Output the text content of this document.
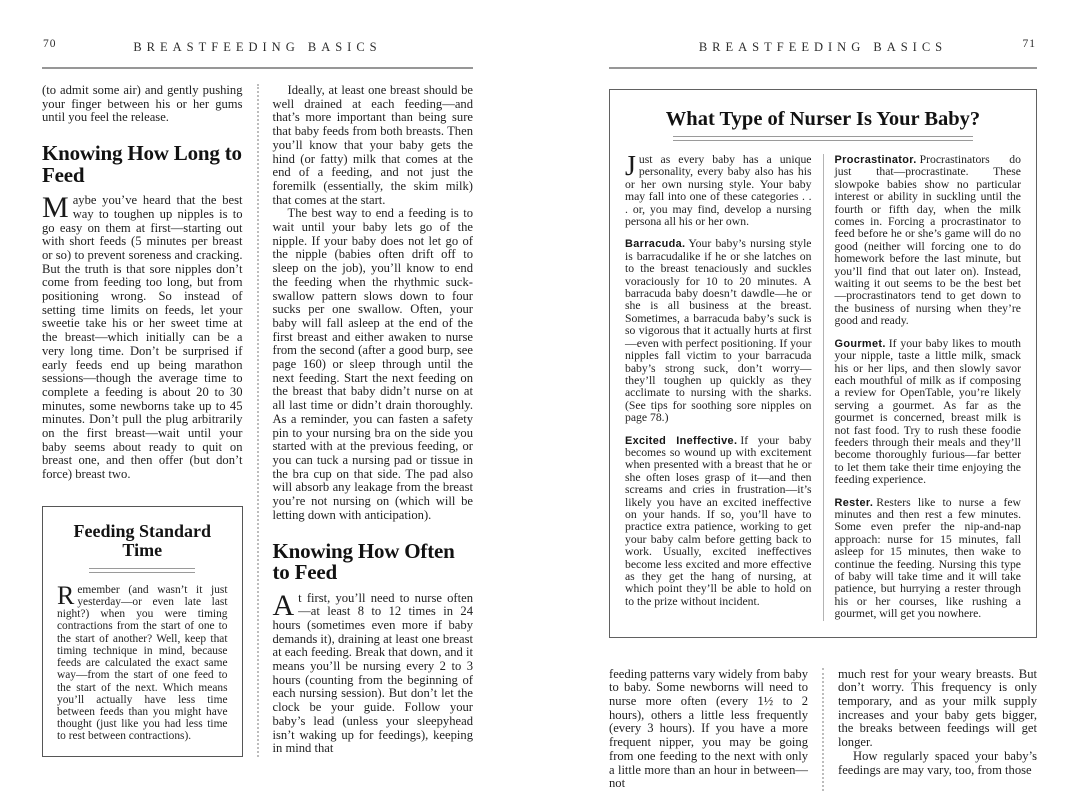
70	BREASTFEEDING BASICS

(to admit some air) and gently pushing your finger between his or her gums until you feel the release.

Knowing How Long to Feed

Maybe you’ve heard that the best way to toughen up nipples is to go easy on them at first—starting out with short feeds (5 minutes per breast or so) to prevent soreness and cracking. But the truth is that sore nipples don’t come from feeding too long, but from positioning wrong. So instead of setting time limits on feeds, let your sweetie take his or her sweet time at the breast—which initially can be a very long time. Don’t be surprised if early feeds end up being marathon sessions—though the average time to complete a feeding is about 20 to 30 minutes, some newborns take up to 45 minutes. Don’t pull the plug arbitrarily on the first breast—wait until your baby seems about ready to quit on breast one, and then offer (but don’t force) breast two.

Feeding Standard Time

Remember (and wasn’t it just yesterday—or even late last night?) when you were timing contractions from the start of one to the start of another? Well, keep that timing technique in mind, because feeds are calculated the exact same way—from the start of one feed to the start of the next. Which means you’ll actually have less time between feeds than you might have thought (just like you had less time to rest between contractions).

Ideally, at least one breast should be well drained at each feeding—and that’s more important than being sure that baby feeds from both breasts. Then you’ll know that your baby gets the hind (or fatty) milk that comes at the end of a feeding, and not just the foremilk (essentially, the skim milk) that comes at the start.

The best way to end a feeding is to wait until your baby lets go of the nipple. If your baby does not let go of the nipple (babies often drift off to sleep on the job), you’ll know to end the feeding when the rhythmic suck-swallow pattern slows down to four sucks per one swallow. Often, your baby will fall asleep at the end of the first breast and either awaken to nurse from the second (after a good burp, see page 160) or sleep through until the next feeding. Start the next feeding on the breast that baby didn’t nurse on at all last time or didn’t drain thoroughly. As a reminder, you can fasten a safety pin to your nursing bra on the side you started with at the previous feeding, or you can tuck a nursing pad or tissue in the bra cup on that side. The pad also will absorb any leakage from the breast you’re not nursing on (which will be letting down with anticipation).

Knowing How Often to Feed

At first, you’ll need to nurse often—at least 8 to 12 times in 24 hours (sometimes even more if baby demands it), draining at least one breast at each feeding. Break that down, and it means you’ll be nursing every 2 to 3 hours (counting from the beginning of each nursing session). But don’t let the clock be your guide. Follow your baby’s lead (unless your sleepyhead isn’t waking up for feedings), keeping in mind that

BREASTFEEDING BASICS	71
What Type of Nurser Is Your Baby?

Just as every baby has a unique personality, every baby also has his or her own nursing style. Your baby may fall into one of these categories . . . or, you may find, develop a nursing persona all his or her own.

Barracuda. Your baby’s nursing style is barracudalike if he or she latches on to the breast tenaciously and suckles voraciously for 10 to 20 minutes. A barracuda baby doesn’t dawdle—he or she is all business at the breast. Sometimes, a barracuda baby’s suck is so vigorous that it actually hurts at first—even with perfect positioning. If your nipples fall victim to your barracuda baby’s strong suck, don’t worry—they’ll toughen up quickly as they acclimate to nursing with the sharks. (See tips for soothing sore nipples on page 78.)

Excited Ineffective. If your baby becomes so wound up with excitement when presented with a breast that he or she often loses grasp of it—and then screams and cries in frustration—it’s likely you have an excited ineffective on your hands. If so, you’ll have to practice extra patience, working to get your baby calm before getting back to work. Usually, excited ineffectives become less excited and more effective as they get the hang of nursing, at which point they’ll be able to hold on to the prize without incident.

Procrastinator. Procrastinators do just that—procrastinate. These slowpoke babies show no particular interest or ability in suckling until the fourth or fifth day, when the milk comes in. Forcing a procrastinator to feed before he or she’s game will do no good (neither will forcing one to do homework before the last minute, but you’ll find that out later on). Instead, waiting it out seems to be the best bet—procrastinators tend to get down to the business of nursing when they’re good and ready.

Gourmet. If your baby likes to mouth your nipple, taste a little milk, smack his or her lips, and then slowly savor each mouthful of milk as if composing a review for OpenTable, you’re likely serving a gourmet. As far as the gourmet is concerned, breast milk is not fast food. Try to rush these foodie feeders through their meals and they’ll become thoroughly furious—far better to let them take their time enjoying the feeding experience.

Rester. Resters like to nurse a few minutes and then rest a few minutes. Some even prefer the nip-and-nap approach: nurse for 15 minutes, fall asleep for 15 minutes, then wake to continue the feeding. Nursing this type of baby will take time and it will take patience, but hurrying a rester through his or her courses, like rushing a gourmet, will get you nowhere.

feeding patterns vary widely from baby to baby. Some newborns will need to nurse more often (every 1½ to 2 hours), others a little less frequently (every 3 hours). If you have a more frequent nipper, you may be going from one feeding to the next with only a little more than an hour in between—not

much rest for your weary breasts. But don’t worry. This frequency is only temporary, and as your milk supply increases and your baby gets bigger, the breaks between feedings will get longer.

How regularly spaced your baby’s feedings are may vary, too, from those
